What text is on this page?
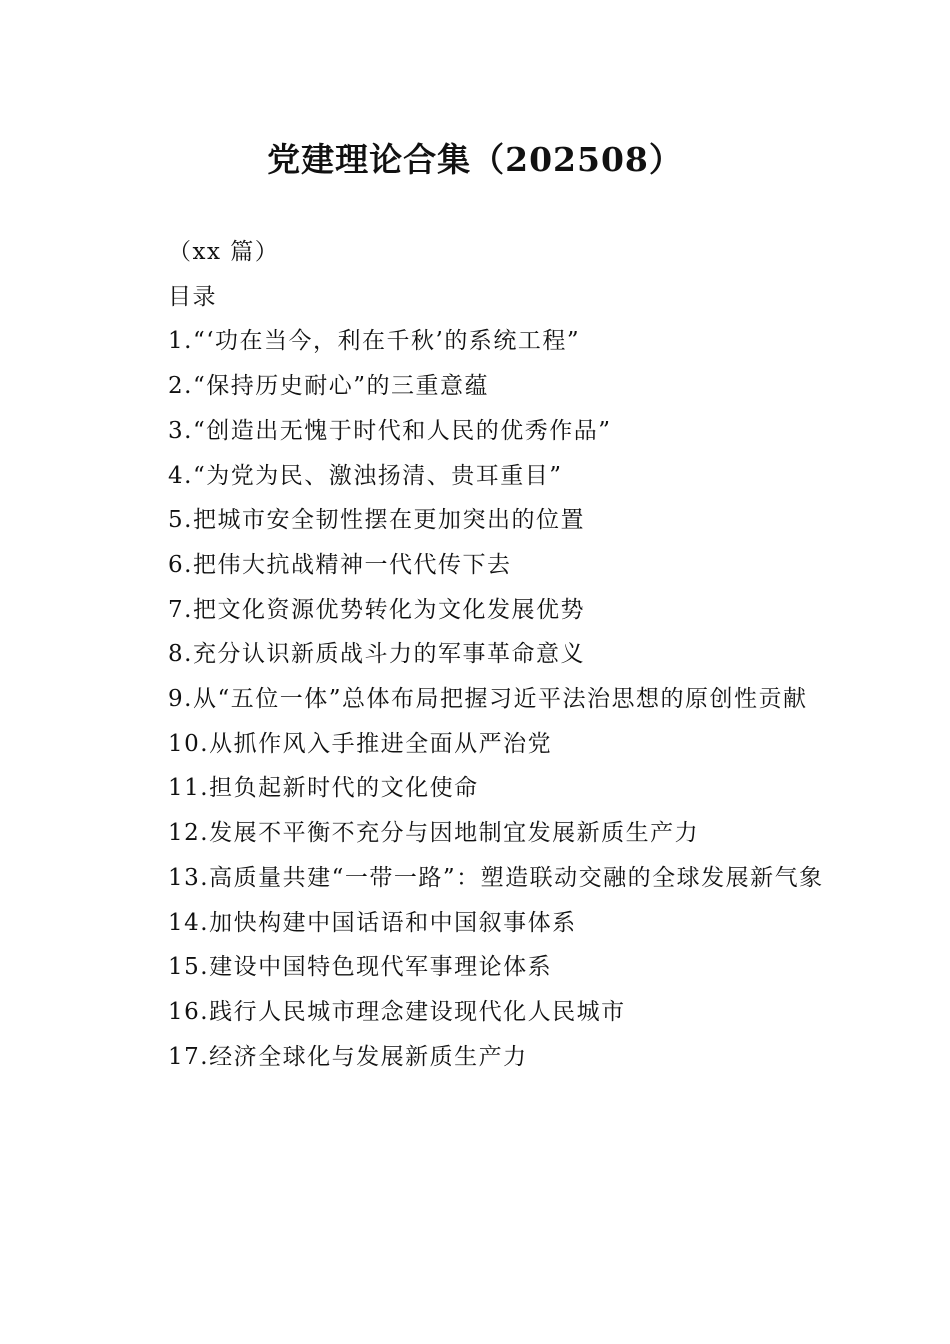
党建理论合集（202508）

（xx 篇）

目录

1.“‘功在当今，利在千秋’的系统工程”

2.“保持历史耐心”的三重意蕴

3.“创造出无愧于时代和人民的优秀作品”

4.“为党为民、激浊扬清、贵耳重目”

5.把城市安全韧性摆在更加突出的位置

6.把伟大抗战精神一代代传下去

7.把文化资源优势转化为文化发展优势

8.充分认识新质战斗力的军事革命意义

9.从“五位一体”总体布局把握习近平法治思想的原创性贡献

10.从抓作风入手推进全面从严治党

11.担负起新时代的文化使命

12.发展不平衡不充分与因地制宜发展新质生产力

13.高质量共建“一带一路”：塑造联动交融的全球发展新气象

14.加快构建中国话语和中国叙事体系

15.建设中国特色现代军事理论体系

16.践行人民城市理念建设现代化人民城市

17.经济全球化与发展新质生产力
